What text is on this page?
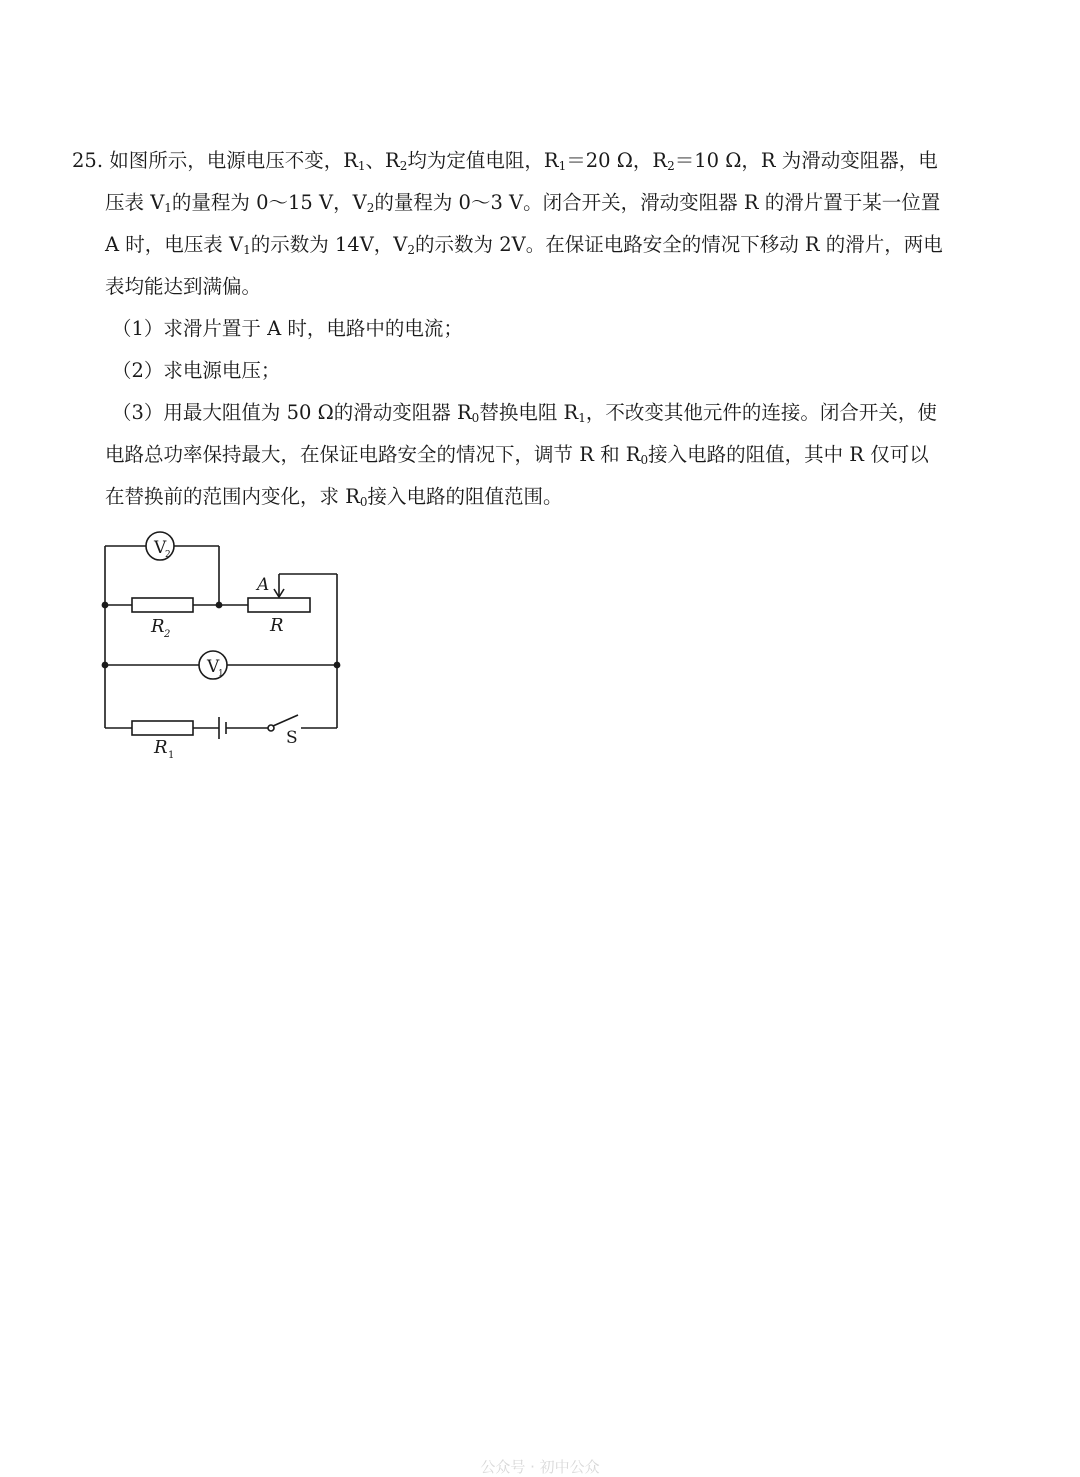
25. 如图所示，电源电压不变，$R_1$、$R_2$均为定值电阻，$R_1=20$ Ω，$R_2=10$ Ω，R 为滑动变阻器，电
压表 $V_1$的量程为 0～15 V，$V_2$的量程为 0～3 V。闭合开关，滑动变阻器 R 的滑片置于某一位置
A 时，电压表 $V_1$的示数为 14V，$V_2$的示数为 2V。在保证电路安全的情况下移动 R 的滑片，两电
表均能达到满偏。
（1）求滑片置于 A 时，电路中的电流；
（2）求电源电压；
（3）用最大阻值为 50 Ω的滑动变阻器 $R_0$替换电阻 $R_1$，不改变其他元件的连接。闭合开关，使
电路总功率保持最大，在保证电路安全的情况下，调节 R 和 $R_0$接入电路的阻值，其中 R 仅可以
在替换前的范围内变化，求 $R_0$接入电路的阻值范围。
V
2
V
1
R 2	R
A
R 1
S
公众号 · 初中公众
